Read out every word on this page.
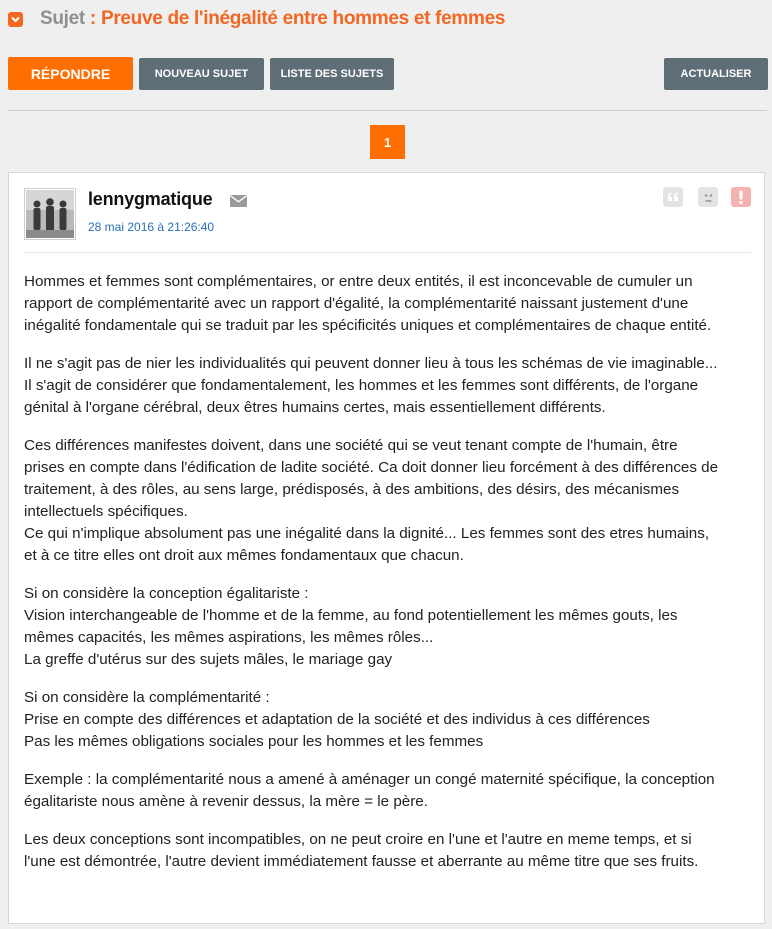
Sujet : Preuve de l'inégalité entre hommes et femmes
RÉPONDRE	NOUVEAU SUJET	LISTE DES SUJETS	ACTUALISER
1
lennygmatique
28 mai 2016 à 21:26:40

Hommes et femmes sont complémentaires, or entre deux entités, il est inconcevable de cumuler un
rapport de complémentarité avec un rapport d'égalité, la complémentarité naissant justement d'une
inégalité fondamentale qui se traduit par les spécificités uniques et complémentaires de chaque entité.

Il ne s'agit pas de nier les individualités qui peuvent donner lieu à tous les schémas de vie imaginable...
Il s'agit de considérer que fondamentalement, les hommes et les femmes sont différents, de l'organe
génital à l'organe cérébral, deux êtres humains certes, mais essentiellement différents.

Ces différences manifestes doivent, dans une société qui se veut tenant compte de l'humain, être
prises en compte dans l'édification de ladite société. Ca doit donner lieu forcément à des différences de
traitement, à des rôles, au sens large, prédisposés, à des ambitions, des désirs, des mécanismes
intellectuels spécifiques.
Ce qui n'implique absolument pas une inégalité dans la dignité... Les femmes sont des etres humains,
et à ce titre elles ont droit aux mêmes fondamentaux que chacun.

Si on considère la conception égalitariste :
Vision interchangeable de l'homme et de la femme, au fond potentiellement les mêmes gouts, les
mêmes capacités, les mêmes aspirations, les mêmes rôles...
La greffe d'utérus sur des sujets mâles, le mariage gay

Si on considère la complémentarité :
Prise en compte des différences et adaptation de la société et des individus à ces différences
Pas les mêmes obligations sociales pour les hommes et les femmes

Exemple : la complémentarité nous a amené à aménager un congé maternité spécifique, la conception
égalitariste nous amène à revenir dessus, la mère = le père.

Les deux conceptions sont incompatibles, on ne peut croire en l'une et l'autre en meme temps, et si
l'une est démontrée, l'autre devient immédiatement fausse et aberrante au même titre que ses fruits.
